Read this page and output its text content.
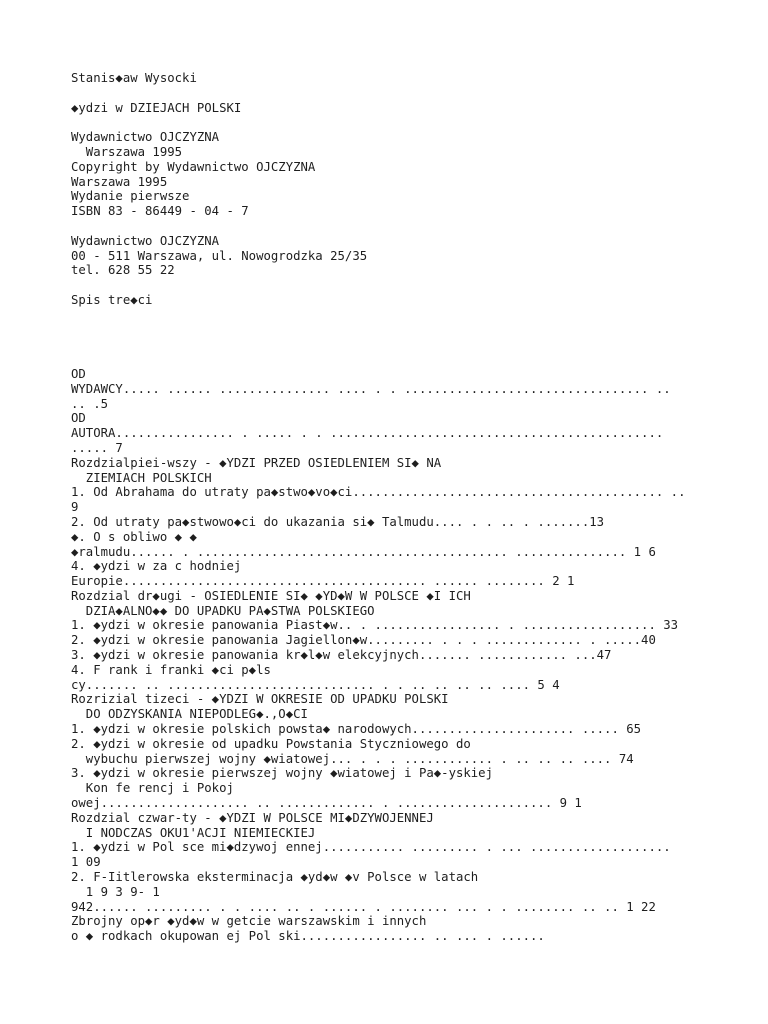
Stanis◆aw Wysocki

◆ydzi w DZIEJACH POLSKI

Wydawnictwo OJCZYZNA
Warszawa 1995
Copyright by Wydawnictwo OJCZYZNA
Warszawa 1995
Wydanie pierwsze
ISBN 83 - 86449 - 04 - 7

Wydawnictwo OJCZYZNA
00 - 511 Warszawa, ul. Nowogrodzka 25/35
tel. 628 55 22

Spis tre◆ci

OD
WYDAWCY..... ...... ............... .... . . ................................. ..
.. .5
OD
AUTORA................ . ..... . . .............................................
..... 7
Rozdzialpiei-wszy - ◆YDZI PRZED OSIEDLENIEM SI◆ NA
ZIEMIACH POLSKICH
1. Od Abrahama do utraty pa◆stwo◆vo◆ci.......................................... ..
9
2. Od utraty pa◆stwowo◆ci do ukazania si◆ Talmudu.... . . .. . .......13
◆. O s obliwo ◆ ◆
◆ralmudu...... . .......................................... ............... 1 6
4. ◆ydzi w za c hodniej
Europie......................................... ...... ........ 2 1
Rozdzial dr◆ugi - OSIEDLENIE SI◆ ◆YD◆W W POLSCE ◆I ICH
DZIA◆ALNO◆◆ DO UPADKU PA◆STWA POLSKIEGO
1. ◆ydzi w okresie panowania Piast◆w.. . ................. . .................. 33
2. ◆ydzi w okresie panowania Jagiellon◆w......... . . . ............. . .....40
3. ◆ydzi w okresie panowania kr◆l◆w elekcyjnych....... ............ ...47
4. F rank i franki ◆ci p◆ls
cy....... .. ............................ . . .. .. .. .. .... 5 4
Rozrizial tizeci - ◆YDZI W OKRESIE OD UPADKU POLSKI
DO ODZYSKANIA NIEPODLEG◆.,O◆CI
1. ◆ydzi w okresie polskich powsta◆ narodowych...................... ..... 65
2. ◆ydzi w okresie od upadku Powstania Styczniowego do
wybuchu pierwszej wojny ◆wiatowej... . . . ............ . .. .. .. .... 74
3. ◆ydzi w okresie pierwszej wojny ◆wiatowej i Pa◆-yskiej
Kon fe rencj i Pokoj
owej.................... .. ............. . ..................... 9 1
Rozdzial czwar-ty - ◆YDZI W POLSCE MI◆DZYWOJENNEJ
I NODCZAS OKU1'ACJI NIEMIECKIEJ
1. ◆ydzi w Pol sce mi◆dzywoj ennej........... ......... . ... ...................
1 09
2. F-Iitlerowska eksterminacja ◆yd◆w ◆v Polsce w latach
1 9 3 9- 1
942...... ......... . . .... .. . ...... . ........ ... . . ........ .. .. 1 22
Zbrojny op◆r ◆yd◆w w getcie warszawskim i innych
o ◆ rodkach okupowan ej Pol ski................. .. ... . ......
